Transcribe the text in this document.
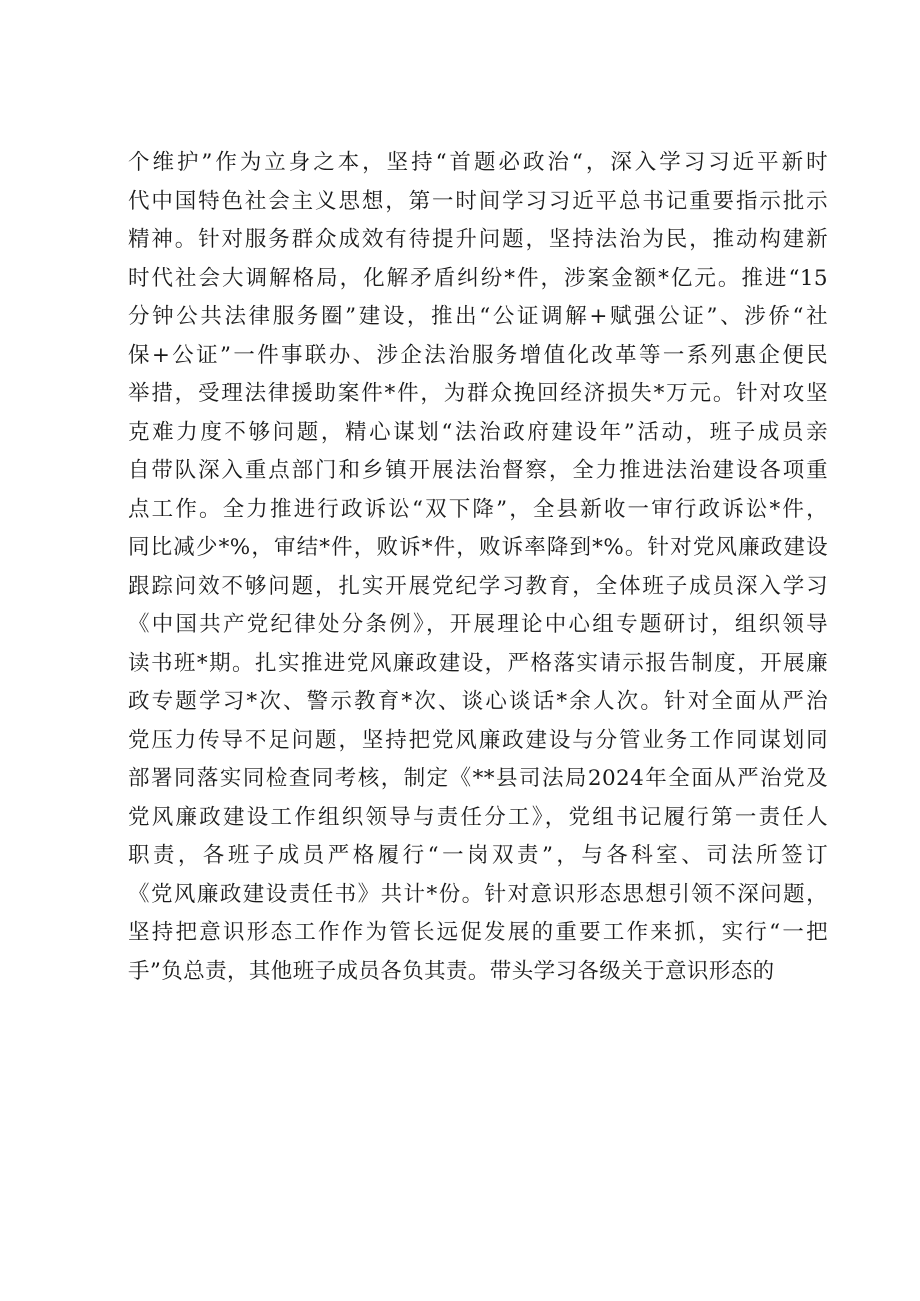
个维护”作为立身之本，坚持“首题必政治“，深入学习习近平新时
代中国特色社会主义思想，第一时间学习习近平总书记重要指示批示
精神。针对服务群众成效有待提升问题，坚持法治为民，推动构建新
时代社会大调解格局，化解矛盾纠纷*件，涉案金额*亿元。推进“15
分钟公共法律服务圈”建设，推出“公证调解+赋强公证”、涉侨“社
保+公证”一件事联办、涉企法治服务增值化改革等一系列惠企便民
举措，受理法律援助案件*件，为群众挽回经济损失*万元。针对攻坚
克难力度不够问题，精心谋划“法治政府建设年”活动，班子成员亲
自带队深入重点部门和乡镇开展法治督察，全力推进法治建设各项重
点工作。全力推进行政诉讼“双下降”，全县新收一审行政诉讼*件，
同比减少*%，审结*件，败诉*件，败诉率降到*%。针对党风廉政建设
跟踪问效不够问题，扎实开展党纪学习教育，全体班子成员深入学习
《中国共产党纪律处分条例》，开展理论中心组专题研讨，组织领导
读书班*期。扎实推进党风廉政建设，严格落实请示报告制度，开展廉
政专题学习*次、警示教育*次、谈心谈话*余人次。针对全面从严治
党压力传导不足问题，坚持把党风廉政建设与分管业务工作同谋划同
部署同落实同检查同考核，制定《**县司法局2024年全面从严治党及
党风廉政建设工作组织领导与责任分工》，党组书记履行第一责任人
职责，各班子成员严格履行“一岗双责”，与各科室、司法所签订
《党风廉政建设责任书》共计*份。针对意识形态思想引领不深问题，
坚持把意识形态工作作为管长远促发展的重要工作来抓，实行“一把
手”负总责，其他班子成员各负其责。带头学习各级关于意识形态的
